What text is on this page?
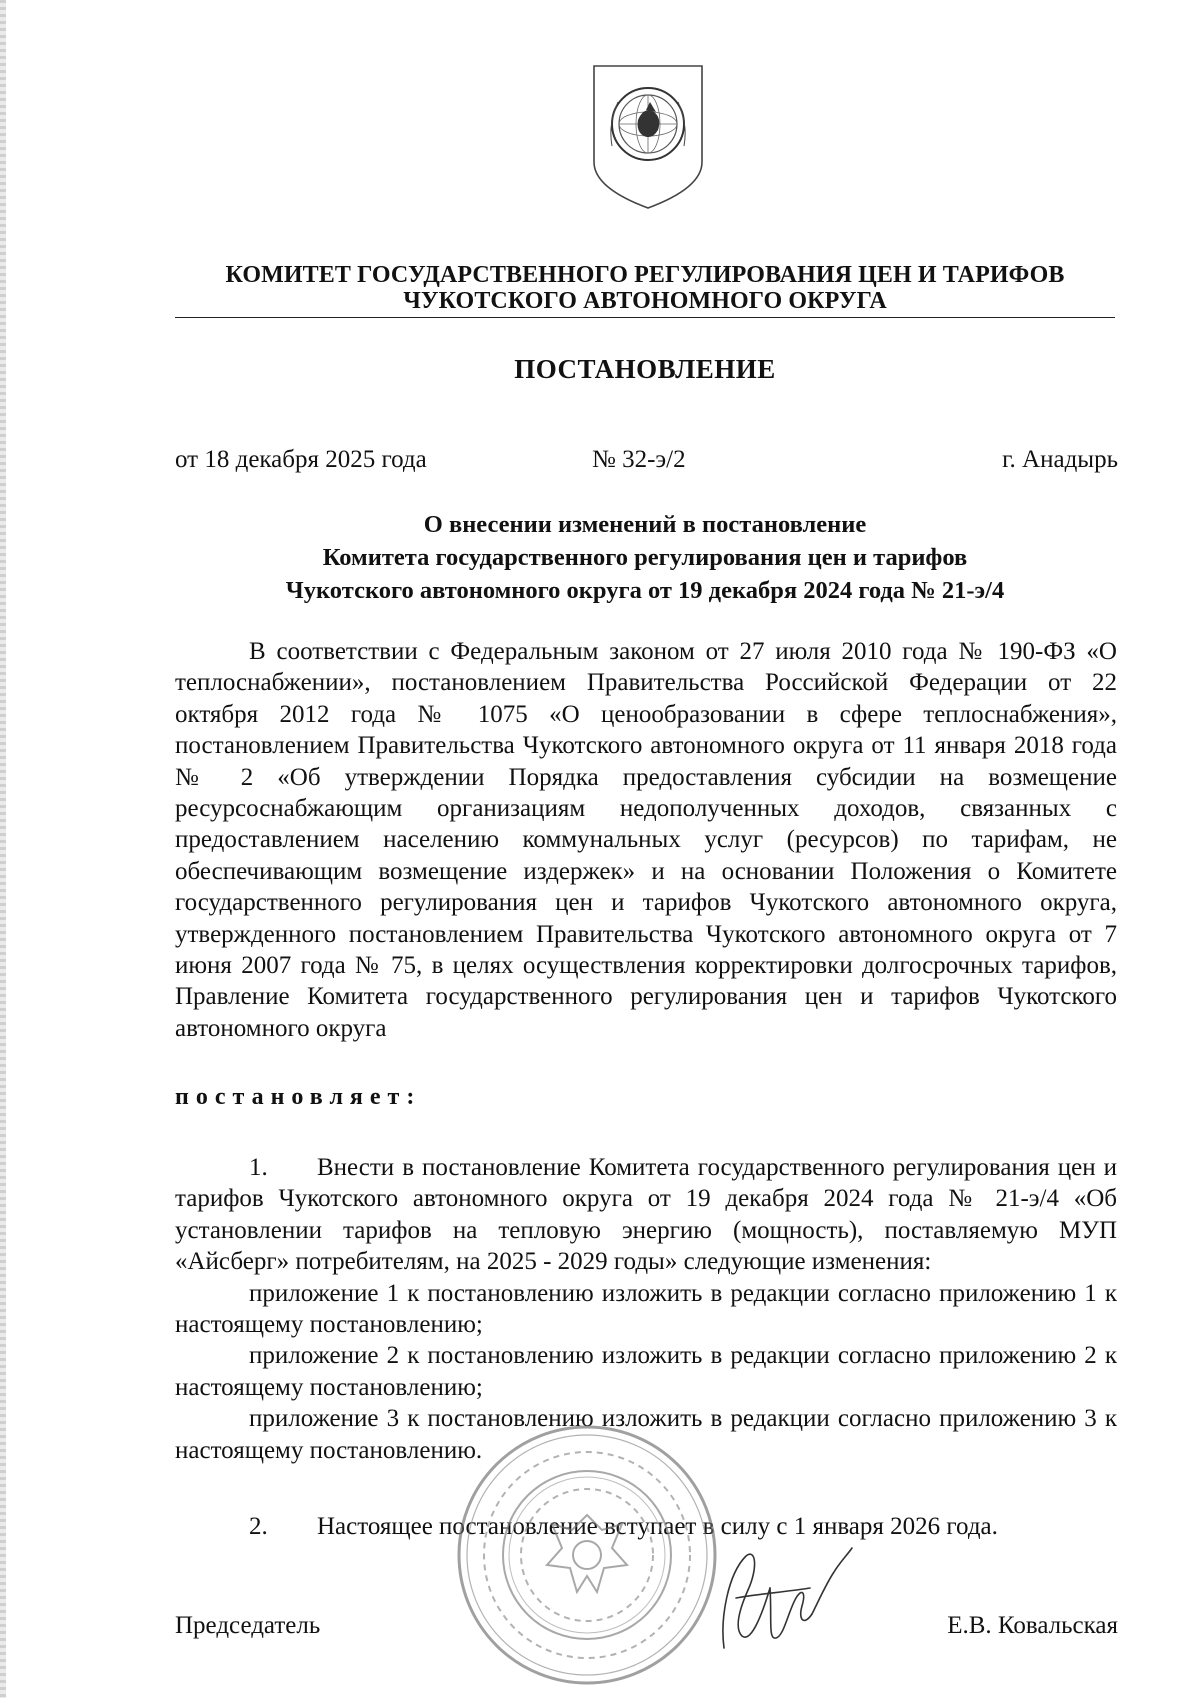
КОМИТЕТ ГОСУДАРСТВЕННОГО РЕГУЛИРОВАНИЯ ЦЕН И ТАРИФОВ
ЧУКОТСКОГО АВТОНОМНОГО ОКРУГА
ПОСТАНОВЛЕНИЕ
от 18 декабря 2025 года	№ 32-э/2	г. Анадырь
О внесении изменений в постановление
Комитета государственного регулирования цен и тарифов
Чукотского автономного округа от 19 декабря 2024 года № 21-э/4
В соответствии с Федеральным законом от 27 июля 2010 года № 190-ФЗ «О теплоснабжении», постановлением Правительства Российской Федерации от 22 октября 2012 года № 1075 «О ценообразовании в сфере теплоснабжения», постановлением Правительства Чукотского автономного округа от 11 января 2018 года № 2 «Об утверждении Порядка предоставления субсидии на возмещение ресурсоснабжающим организациям недополученных доходов, связанных с предоставлением населению коммунальных услуг (ресурсов) по тарифам, не обеспечивающим возмещение издержек» и на основании Положения о Комитете государственного регулирования цен и тарифов Чукотского автономного округа, утвержденного постановлением Правительства Чукотского автономного округа от 7 июня 2007 года № 75, в целях осуществления корректировки долгосрочных тарифов, Правление Комитета государственного регулирования цен и тарифов Чукотского автономного округа
постановляет:
1. Внести в постановление Комитета государственного регулирования цен и тарифов Чукотского автономного округа от 19 декабря 2024 года № 21-э/4 «Об установлении тарифов на тепловую энергию (мощность), поставляемую МУП «Айсберг» потребителям, на 2025 - 2029 годы» следующие изменения:
приложение 1 к постановлению изложить в редакции согласно приложению 1 к настоящему постановлению;
приложение 2 к постановлению изложить в редакции согласно приложению 2 к настоящему постановлению;
приложение 3 к постановлению изложить в редакции согласно приложению 3 к настоящему постановлению.
2. Настоящее постановление вступает в силу с 1 января 2026 года.
Председатель	Е.В. Ковальская
